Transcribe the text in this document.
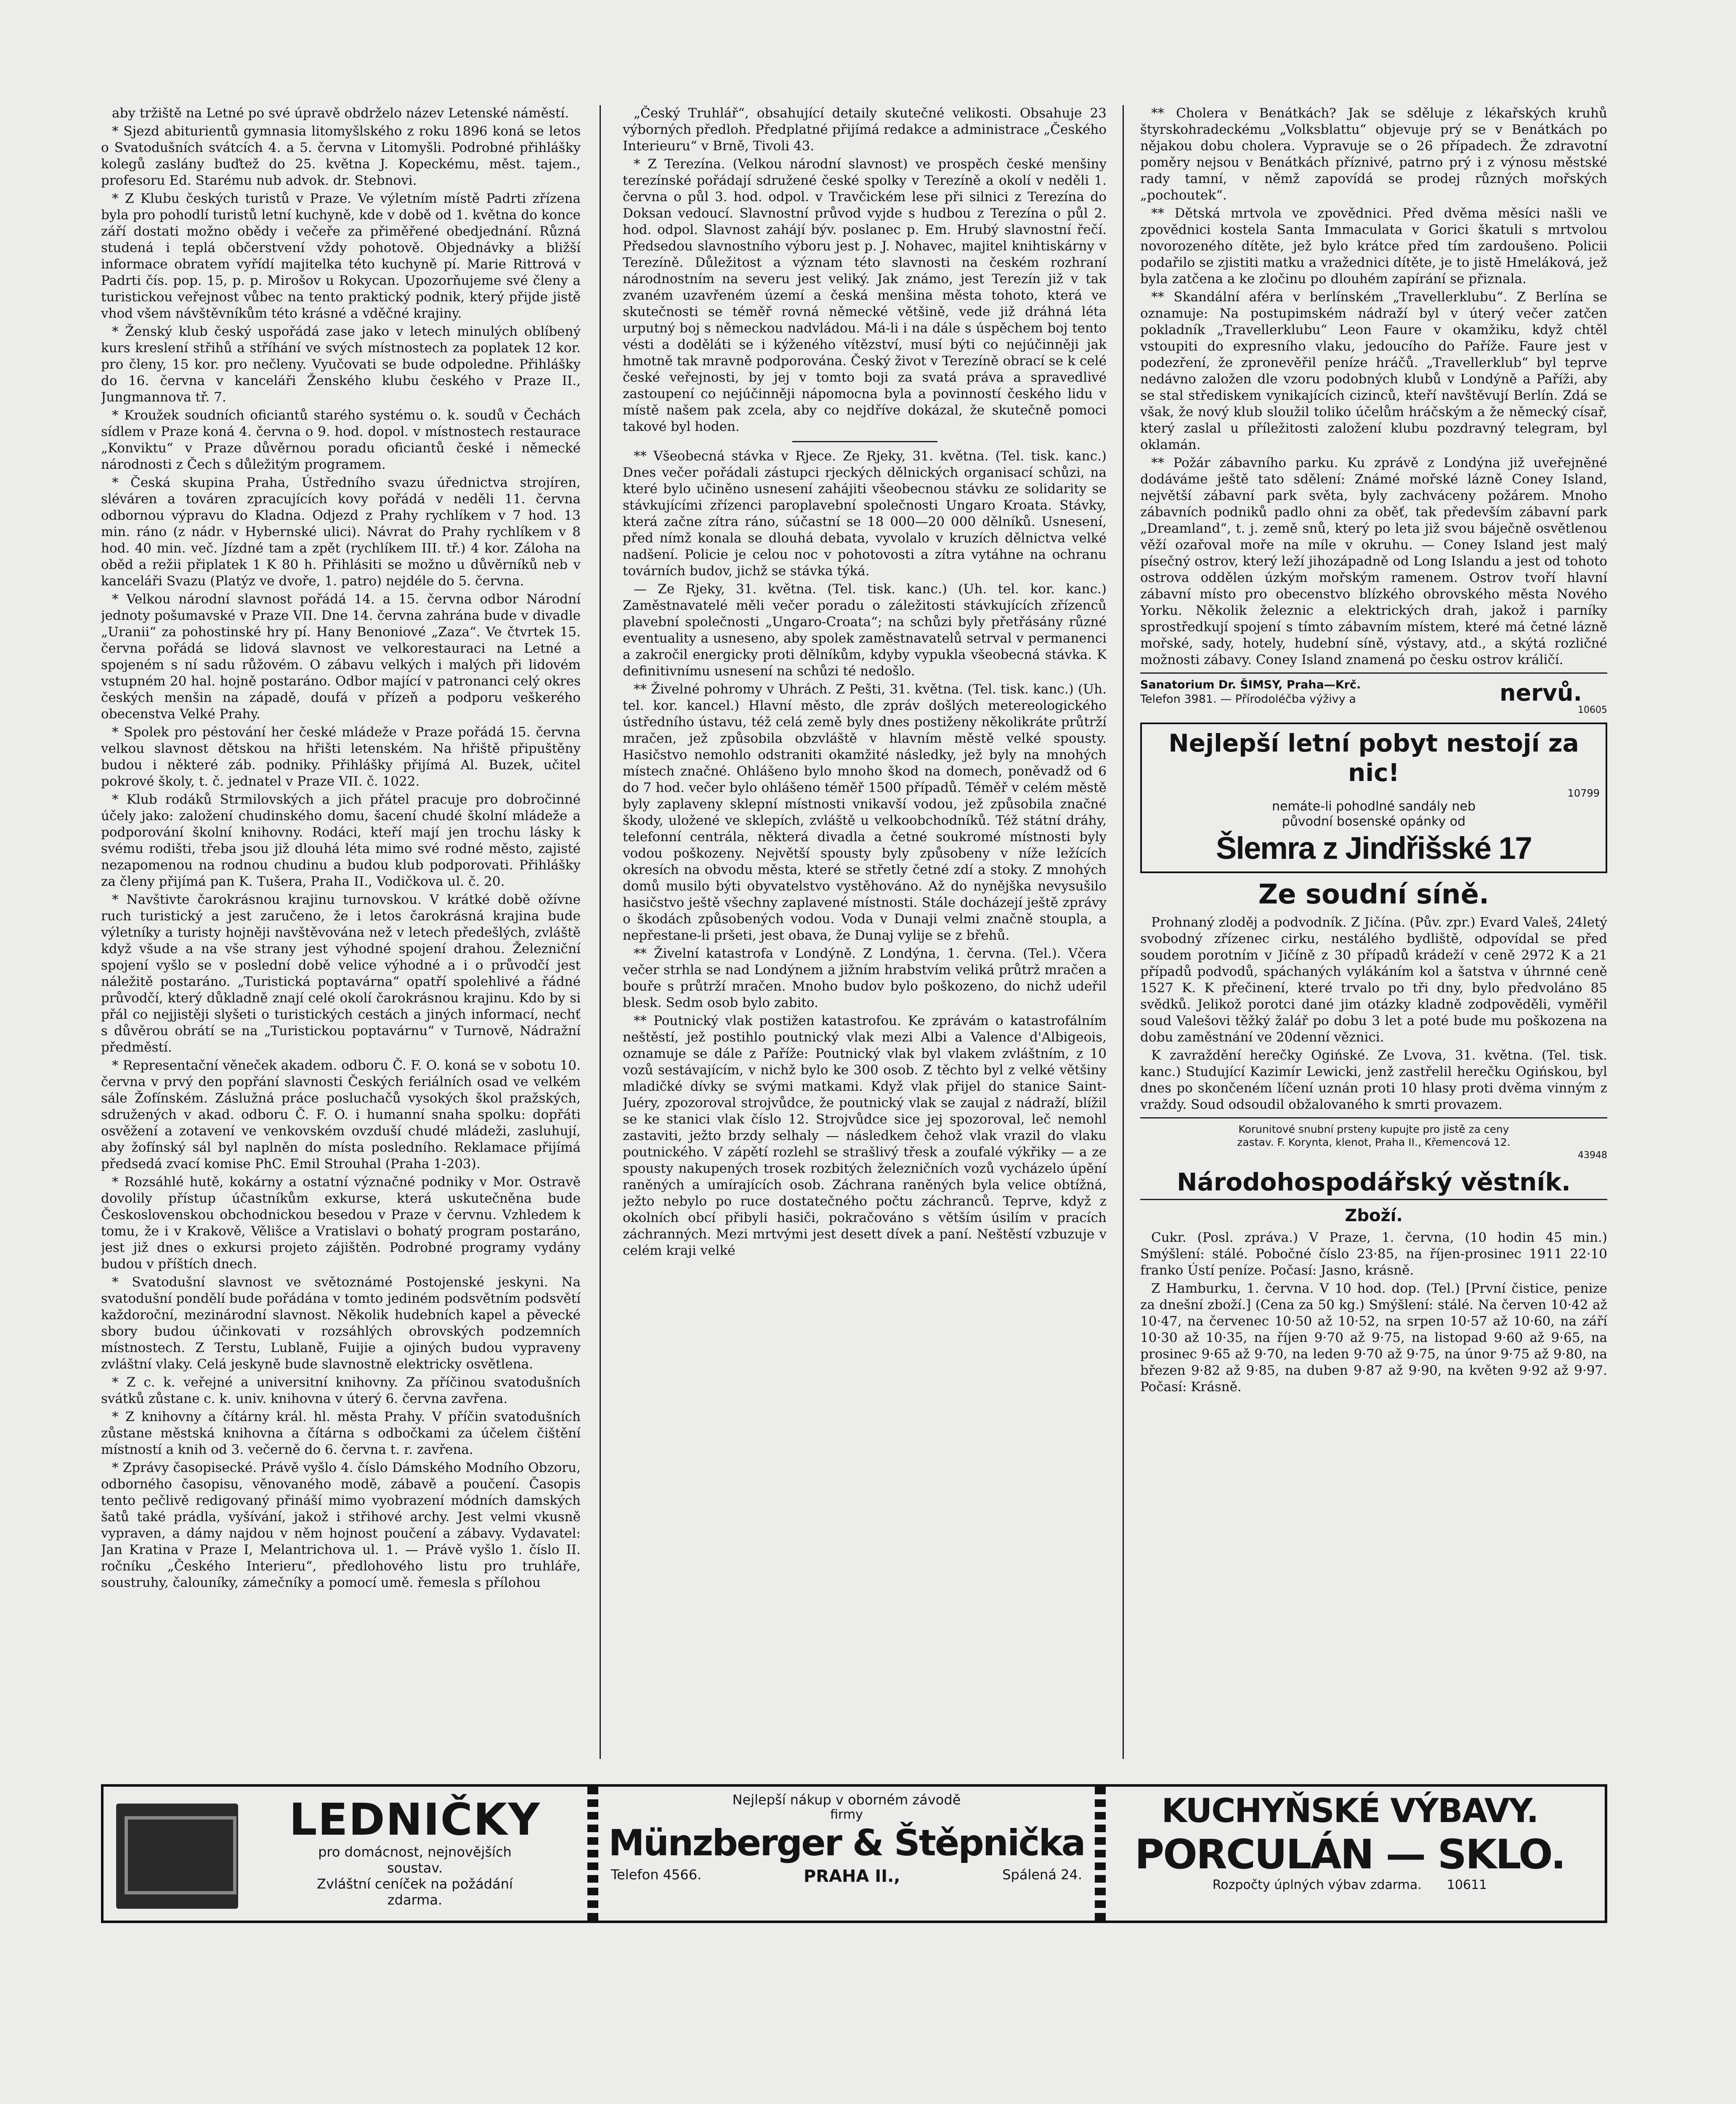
aby tržiště na Letné po své úpravě obdrželo název Letenské náměstí.

* Sjezd abiturientů gymnasia litomyšlského z roku 1896 koná se letos o Svatodušních svátcích 4. a 5. června v Litomyšli. Podrobné přihlášky kolegů zaslány buďtež do 25. května J. Kopeckému, měst. tajem., profesoru Ed. Starému nub advok. dr. Stebnovi.

* Z Klubu českých turistů v Praze. Ve výletním místě Padrti zřízena byla pro pohodlí turistů letní kuchyně, kde v době od 1. května do konce září dostati možno obědy i večeře za přiměřené obedjednání. Různá studená i teplá občerstvení vždy pohotově. Objednávky a bližší informace obratem vyřídí majitelka této kuchyně pí. Marie Rittrová v Padrti čís. pop. 15, p. p. Mirošov u Rokycan. Upozorňujeme své členy a turistickou veřejnost vůbec na tento praktický podnik, který přijde jistě vhod všem návštěvníkům této krásné a vděčné krajiny.

* Ženský klub český uspořádá zase jako v letech minulých oblíbený kurs kreslení střihů a stříhání ve svých místnostech za poplatek 12 kor. pro členy, 15 kor. pro nečleny. Vyučovati se bude odpoledne. Přihlášky do 16. června v kanceláři Ženského klubu českého v Praze II., Jungmannova tř. 7.

* Kroužek soudních oficiantů starého systému o. k. soudů v Čechách sídlem v Praze koná 4. června o 9. hod. dopol. v místnostech restaurace „Konviktu“ v Praze důvěrnou poradu oficiantů české i německé národnosti z Čech s důležitým programem.

* Česká skupina Praha, Ústředního svazu úřednictva strojíren, sléváren a továren zpracujících kovy pořádá v neděli 11. června odbornou výpravu do Kladna. Odjezd z Prahy rychlíkem v 7 hod. 13 min. ráno (z nádr. v Hybernské ulici). Návrat do Prahy rychlíkem v 8 hod. 40 min. več. Jízdné tam a zpět (rychlíkem III. tř.) 4 kor. Záloha na oběd a režii připlatek 1 K 80 h. Přihlásiti se možno u důvěrníků neb v kanceláři Svazu (Platýz ve dvoře, 1. patro) nejdéle do 5. června.

* Velkou národní slavnost pořádá 14. a 15. června odbor Národní jednoty pošumavské v Praze VII. Dne 14. června zahrána bude v divadle „Uranii“ za pohostinské hry pí. Hany Benoniové „Zaza“. Ve čtvrtek 15. června pořádá se lidová slavnost ve velkorestauraci na Letné a spojeném s ní sadu růžovém. O zábavu velkých i malých při lidovém vstupném 20 hal. hojně postaráno. Odbor mající v patronanci celý okres českých menšin na západě, doufá v přízeň a podporu veškerého obecenstva Velké Prahy.

* Spolek pro péstování her české mládeže v Praze pořádá 15. června velkou slavnost dětskou na hřišti letenském. Na hřiště připuštěny budou i některé záb. podniky. Přihlášky přijímá Al. Buzek, učitel pokrové školy, t. č. jednatel v Praze VII. č. 1022.

* Klub rodáků Strmilovských a jich přátel pracuje pro dobročinné účely jako: založení chudinského domu, šacení chudé školní mládeže a podporování školní knihovny. Rodáci, kteří mají jen trochu lásky k svému rodišti, třeba jsou již dlouhá léta mimo své rodné město, zajisté nezapomenou na rodnou chudinu a budou klub podporovati. Přihlášky za členy přijímá pan K. Tušera, Praha II., Vodičkova ul. č. 20.

* Navštivte čarokrásnou krajinu turnovskou. V krátké době ožívne ruch turistický a jest zaručeno, že i letos čarokrásná krajina bude výletníky a turisty hojněji navštěvována než v letech předešlých, zvláště když všude a na vše strany jest výhodné spojení drahou. Železniční spojení vyšlo se v poslední době velice výhodné a i o průvodčí jest náležitě postaráno. „Turistická poptavárna“ opatří spolehlivé a řádné průvodčí, který důkladně znají celé okolí čarokrásnou krajinu. Kdo by si přál co nejjistěji slyšeti o turistických cestách a jiných informací, nechť s důvěrou obrátí se na „Turistickou poptavárnu“ v Turnově, Nádražní předměstí.

* Representační věneček akadem. odboru Č. F. O. koná se v sobotu 10. června v prvý den popřání slavnosti Českých feriálních osad ve velkém sále Žofínském. Záslužná práce posluchačů vysokých škol pražských, sdružených v akad. odboru Č. F. O. i humanní snaha spolku: dopřáti osvěžení a zotavení ve venkovském ovzduší chudé mládeži, zasluhují, aby žofínský sál byl naplněn do místa posledního. Reklamace přijímá předsedá zvací komise PhC. Emil Strouhal (Praha 1-203).

* Rozsáhlé hutě, kokárny a ostatní význačné podniky v Mor. Ostravě dovolily přístup účastníkům exkurse, která uskutečněna bude Československou obchodnickou besedou v Praze v červnu. Vzhledem k tomu, že i v Krakově, Vělišce a Vratislavi o bohatý program postaráno, jest již dnes o exkursi projeto zájištěn. Podrobné programy vydány budou v příštích dnech.

* Svatodušní slavnost ve světoznámé Postojenské jeskyni. Na svatodušní pondělí bude pořádána v tomto jediném podsvětním podsvětí každoroční, mezinárodní slavnost. Několik hudebních kapel a pěvecké sbory budou účinkovati v rozsáhlých obrovských podzemních místnostech. Z Terstu, Lublaně, Fuijie a ojiných budou vypraveny zvláštní vlaky. Celá jeskyně bude slavnostně elektricky osvětlena.

* Z c. k. veřejné a universitní knihovny. Za příčinou svatodušních svátků zůstane c. k. univ. knihovna v úterý 6. června zavřena.

* Z knihovny a čítárny král. hl. města Prahy. V příčin svatodušních zůstane městská knihovna a čítárna s odbočkami za účelem čištění místností a knih od 3. večerně do 6. června t. r. zavřena.

* Zprávy časopisecké. Právě vyšlo 4. číslo Dámského Modního Obzoru, odborného časopisu, věnovaného modě, zábavě a poučení. Časopis tento pečlivě redigovaný přináší mimo vyobrazení módních damských šatů také prádla, vyšívání, jakož i střihové archy. Jest velmi vkusně vypraven, a dámy najdou v něm hojnost poučení a zábavy. Vydavatel: Jan Kratina v Praze I, Melantrichova ul. 1. — Právě vyšlo 1. číslo II. ročníku „Českého Interieru“, předlohového listu pro truhláře, soustruhy, čalouníky, zámečníky a pomocí umě. řemesla s přílohou

„Český Truhlář“, obsahující detaily skutečné velikosti. Obsahuje 23 výborných předloh. Předplatné přijímá redakce a administrace „Českého Interieuru“ v Brně, Tivoli 43.

* Z Terezína. (Velkou národní slavnost) ve prospěch české menšiny terezínské pořádají sdružené české spolky v Terezíně a okolí v neděli 1. června o půl 3. hod. odpol. v Travčickém lese při silnici z Terezína do Doksan vedoucí. Slavnostní průvod vyjde s hudbou z Terezína o půl 2. hod. odpol. Slavnost zahájí býv. poslanec p. Em. Hrubý slavnostní řečí. Předsedou slavnostního výboru jest p. J. Nohavec, majitel knihtiskárny v Terezíně. Důležitost a význam této slavnosti na českém rozhraní národnostním na severu jest veliký. Jak známo, jest Terezín již v tak zvaném uzavřeném území a česká menšina města tohoto, která ve skutečnosti se téměř rovná německé většině, vede již dráhná léta urputný boj s německou nadvládou. Má-li i na dále s úspěchem boj tento vésti a doděláti se i kýženého vítězství, musí býti co nejúčinněji jak hmotně tak mravně podporována. Český život v Terezíně obrací se k celé české veřejnosti, by jej v tomto boji za svatá práva a spravedlivé zastoupení co nejúčinněji nápomocna byla a povinností českého lidu v místě našem pak zcela, aby co nejdříve dokázal, že skutečně pomoci takové byl hoden.

** Všeobecná stávka v Rjece. Ze Rjeky, 31. května. (Tel. tisk. kanc.) Dnes večer pořádali zástupci rjeckých dělnických organisací schůzi, na které bylo učiněno usnesení zahájiti všeobecnou stávku ze solidarity se stávkujícími zřízenci paroplavební společnosti Ungaro Kroata. Stávky, která začne zítra ráno, súčastní se 18 000—20 000 dělníků. Usnesení, před nímž konala se dlouhá debata, vyvolalo v kruzích dělnictva velké nadšení. Policie je celou noc v pohotovosti a zítra vytáhne na ochranu továrních budov, jichž se stávka týká.

— Ze Rjeky, 31. května. (Tel. tisk. kanc.) (Uh. tel. kor. kanc.) Zaměstnavatelé měli večer poradu o záležitosti stávkujících zřízenců plavební společnosti „Ungaro-Croata“; na schůzi byly přetřásány různé eventuality a usneseno, aby spolek zaměstnavatelů setrval v permanenci a zakročil energicky proti dělníkům, kdyby vypukla všeobecná stávka. K definitivnímu usnesení na schůzi té nedošlo.

** Živelné pohromy v Uhrách. Z Pešti, 31. května. (Tel. tisk. kanc.) (Uh. tel. kor. kancel.) Hlavní město, dle zpráv došlých metereologického ústředního ústavu, též celá země byly dnes postiženy několikráte průtrží mračen, jež způsobila obzvláště v hlavním městě velké spousty. Hasičstvo nemohlo odstraniti okamžité následky, jež byly na mnohých místech značné. Ohlášeno bylo mnoho škod na domech, poněvadž od 6 do 7 hod. večer bylo ohlášeno téměř 1500 případů. Téměř v celém městě byly zaplaveny sklepní místnosti vnikavší vodou, jež způsobila značné škody, uložené ve sklepích, zvláště u velkoobchodníků. Též státní dráhy, telefonní centrála, některá divadla a četné soukromé místnosti byly vodou poškozeny. Největší spousty byly způsobeny v níže ležících okresích na obvodu města, které se střetly četné zdí a stoky. Z mnohých domů musilo býti obyvatelstvo vystěhováno. Až do nynějška nevysušilo hasičstvo ještě všechny zaplavené místnosti. Stále docházejí ještě zprávy o škodách způsobených vodou. Voda v Dunaji velmi značně stoupla, a nepřestane-li pršeti, jest obava, že Dunaj vylije se z břehů.

** Živelní katastrofa v Londýně. Z Londýna, 1. června. (Tel.). Včera večer strhla se nad Londýnem a jižním hrabstvím veliká průtrž mračen a bouře s průtrží mračen. Mnoho budov bylo poškozeno, do nichž udeřil blesk. Sedm osob bylo zabito.

** Poutnický vlak postižen katastrofou. Ke zprávám o katastrofálním neštěstí, jež postihlo poutnický vlak mezi Albi a Valence d'Albigeois, oznamuje se dále z Paříže: Poutnický vlak byl vlakem zvláštním, z 10 vozů sestávajícím, v nichž bylo ke 300 osob. Z těchto byl z velké většiny mladičké dívky se svými matkami. Když vlak přijel do stanice Saint-Juéry, zpozoroval strojvůdce, že poutnický vlak se zaujal z nádraží, blížil se ke stanici vlak číslo 12. Strojvůdce sice jej spozoroval, leč nemohl zastaviti, ježto brzdy selhaly — následkem čehož vlak vrazil do vlaku poutnického. V zápětí rozlehl se strašlivý třesk a zoufalé výkřiky — a ze spousty nakupených trosek rozbitých železničních vozů vycházelo úpění raněných a umírajících osob. Záchrana raněných byla velice obtížná, ježto nebylo po ruce dostatečného počtu záchranců. Teprve, když z okolních obcí přibyli hasiči, pokračováno s větším úsilím v pracích záchranných. Mezi mrtvými jest desett dívek a paní. Neštěstí vzbuzuje v celém kraji velké

** Cholera v Benátkách? Jak se sděluje z lékařských kruhů štyrskohradeckému „Volksblattu“ objevuje prý se v Benátkách po nějakou dobu cholera. Vypravuje se o 26 případech. Že zdravotní poměry nejsou v Benátkách příznivé, patrno prý i z výnosu městské rady tamní, v němž zapovídá se prodej různých mořských „pochoutek“.

** Dětská mrtvola ve zpovědnici. Před dvěma měsíci našli ve zpovědnici kostela Santa Immaculata v Gorici škatuli s mrtvolou novorozeného dítěte, jež bylo krátce před tím zardoušeno. Policii podařilo se zjistiti matku a vražednici dítěte, je to jistě Hmeláková, jež byla zatčena a ke zločinu po dlouhém zapírání se přiznala.

** Skandální aféra v berlínském „Travellerklubu“. Z Berlína se oznamuje: Na postupimském nádraží byl v úterý večer zatčen pokladník „Travellerklubu“ Leon Faure v okamžiku, když chtěl vstoupiti do expresního vlaku, jedoucího do Paříže. Faure jest v podezření, že zpronevěřil peníze hráčů. „Travellerklub“ byl teprve nedávno založen dle vzoru podobných klubů v Londýně a Paříži, aby se stal střediskem vynikajících cizinců, kteří navštěvují Berlín. Zdá se však, že nový klub sloužil toliko účelům hráčským a že německý císař, který zaslal u příležitosti založení klubu pozdravný telegram, byl oklamán.

** Požár zábavního parku. Ku zprávě z Londýna již uveřejněné dodáváme ještě tato sdělení: Známé mořské lázně Coney Island, největší zábavní park světa, byly zachváceny požárem. Mnoho zábavních podniků padlo ohni za oběť, tak především zábavní park „Dreamland“, t. j. země snů, který po leta již svou báječně osvětlenou věží ozařoval moře na míle v okruhu. — Coney Island jest malý písečný ostrov, který leží jihozápadně od Long Islandu a jest od tohoto ostrova oddělen úzkým mořským ramenem. Ostrov tvoří hlavní zábavní místo pro obecenstvo blízkého obrovského města Nového Yorku. Několik železnic a elektrických drah, jakož i parníky sprostředkují spojení s tímto zábavním místem, které má četné lázně mořské, sady, hotely, hudební síně, výstavy, atd., a skýtá rozličné možnosti zábavy. Coney Island znamená po česku ostrov králičí.

Sanatorium Dr. ŠIMSY, Praha—Krč.
Telefon 3981. — Přírodoléčba výživy a	nervů.
10605
Nejlepší letní pobyt nestojí za nic!
10799
nemáte-li pohodlné sandály neb
původní bosenské opánky od
Šlemra z Jindřišské 17
Ze soudní síně.

Prohnaný zloděj a podvodník. Z Jičína. (Pův. zpr.) Evard Valeš, 24letý svobodný zřízenec cirku, nestálého bydliště, odpovídal se před soudem porotním v Jičíně z 30 případů krádeží v ceně 2972 K a 21 případů podvodů, spáchaných vylákáním kol a šatstva v úhrnné ceně 1527 K. K přečinení, které trvalo po tři dny, bylo předvoláno 85 svědků. Jelikož porotci dané jim otázky kladně zodpověděli, vyměřil soud Valešovi těžký žalář po dobu 3 let a poté bude mu poškozena na dobu zaměstnání ve 20denní věznici.

K zavraždění herečky Ogińské. Ze Lvova, 31. května. (Tel. tisk. kanc.) Studující Kazimír Lewicki, jenž zastřelil herečku Ogińskou, byl dnes po skončeném líčení uznán proti 10 hlasy proti dvěma vinným z vraždy. Soud odsoudil obžalovaného k smrti provazem.

Korunitové snubní prsteny kupujte pro jistě za ceny
zastav. F. Korynta, klenot, Praha II., Křemencová 12.
43948
Národohospodářský věstník.
Zboží.

Cukr. (Posl. zpráva.) V Praze, 1. června, (10 hodin 45 min.) Smýšlení: stálé. Pobočné číslo 23·85, na říjen-prosinec 1911 22·10 franko Ústí peníze. Počasí: Jasno, krásně.

Z Hamburku, 1. června. V 10 hod. dop. (Tel.) [První čistice, penize za dnešní zboží.] (Cena za 50 kg.) Smýšlení: stálé. Na červen 10·42 až 10·47, na červenec 10·50 až 10·52, na srpen 10·57 až 10·60, na září 10·30 až 10·35, na říjen 9·70 až 9·75, na listopad 9·60 až 9·65, na prosinec 9·65 až 9·70, na leden 9·70 až 9·75, na únor 9·75 až 9·80, na březen 9·82 až 9·85, na duben 9·87 až 9·90, na květen 9·92 až 9·97. Počasí: Krásně.

LEDNIČKY
pro domácnost, nejnovějších
soustav.
Zvláštní ceníček na požádání
zdarma.
Nejlepší nákup v oborném závodě
firmy
Münzberger & Štěpnička
Telefon 4566.	PRAHA II.,	Spálená 24.
KUCHYŇSKÉ VÝBAVY.
PORCULÁN — SKLO.
Rozpočty úplných výbav zdarma. 10611
